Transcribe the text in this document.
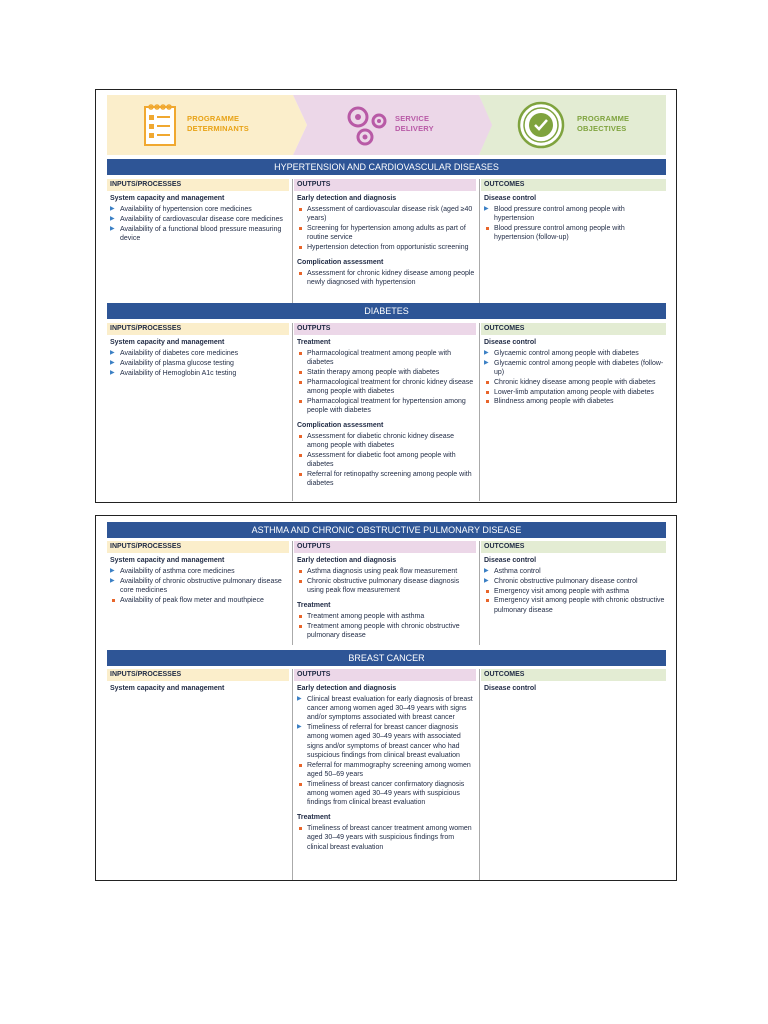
PROGRAMME
DETERMINANTS
SERVICE
DELIVERY
PROGRAMME
OBJECTIVES
HYPERTENSION AND CARDIOVASCULAR DISEASES
INPUTS/PROCESSES
System capacity and management
▶ Availability of hypertension core medicines
▶ Availability of cardiovascular disease core medicines
▶ Availability of a functional blood pressure measuring device
OUTPUTS
Early detection and diagnosis
Assessment of cardiovascular disease risk (aged ≥40 years)
Screening for hypertension among adults as part of routine service
Hypertension detection from opportunistic screening
Complication assessment
Assessment for chronic kidney disease among people newly diagnosed with hypertension
OUTCOMES
Disease control
▶ Blood pressure control among people with hypertension
Blood pressure control among people with hypertension (follow-up)
DIABETES
INPUTS/PROCESSES
System capacity and management
▶ Availability of diabetes core medicines
▶ Availability of plasma glucose testing
▶ Availability of Hemoglobin A1c testing
OUTPUTS
Treatment
Pharmacological treatment among people with diabetes
Statin therapy among people with diabetes
Pharmacological treatment for chronic kidney disease among people with diabetes
Pharmacological treatment for hypertension among people with diabetes
Complication assessment
Assessment for diabetic chronic kidney disease among people with diabetes
Assessment for diabetic foot among people with diabetes
Referral for retinopathy screening among people with diabetes
OUTCOMES
Disease control
▶ Glycaemic control among people with diabetes
▶ Glycaemic control among people with diabetes (follow-up)
Chronic kidney disease among people with diabetes
Lower-limb amputation among people with diabetes
Blindness among people with diabetes
ASTHMA AND CHRONIC OBSTRUCTIVE PULMONARY DISEASE
INPUTS/PROCESSES
System capacity and management
▶ Availability of asthma core medicines
▶ Availability of chronic obstructive pulmonary disease core medicines
Availability of peak flow meter and mouthpiece
OUTPUTS
Early detection and diagnosis
Asthma diagnosis using peak flow measurement
Chronic obstructive pulmonary disease diagnosis using peak flow measurement
Treatment
Treatment among people with asthma
Treatment among people with chronic obstructive pulmonary disease
OUTCOMES
Disease control
▶ Asthma control
▶ Chronic obstructive pulmonary disease control
Emergency visit among people with asthma
Emergency visit among people with chronic obstructive pulmonary disease
BREAST CANCER
INPUTS/PROCESSES
System capacity and management
OUTPUTS
Early detection and diagnosis
▶ Clinical breast evaluation for early diagnosis of breast cancer among women aged 30–49 years with signs and/or symptoms associated with breast cancer
▶ Timeliness of referral for breast cancer diagnosis among women aged 30–49 years with associated signs and/or symptoms of breast cancer who had suspicious findings from clinical breast evaluation
Referral for mammography screening among women aged 50–69 years
Timeliness of breast cancer confirmatory diagnosis among women aged 30–49 years with suspicious findings from clinical breast evaluation
Treatment
Timeliness of breast cancer treatment among women aged 30–49 years with suspicious findings from clinical breast evaluation
OUTCOMES
Disease control
